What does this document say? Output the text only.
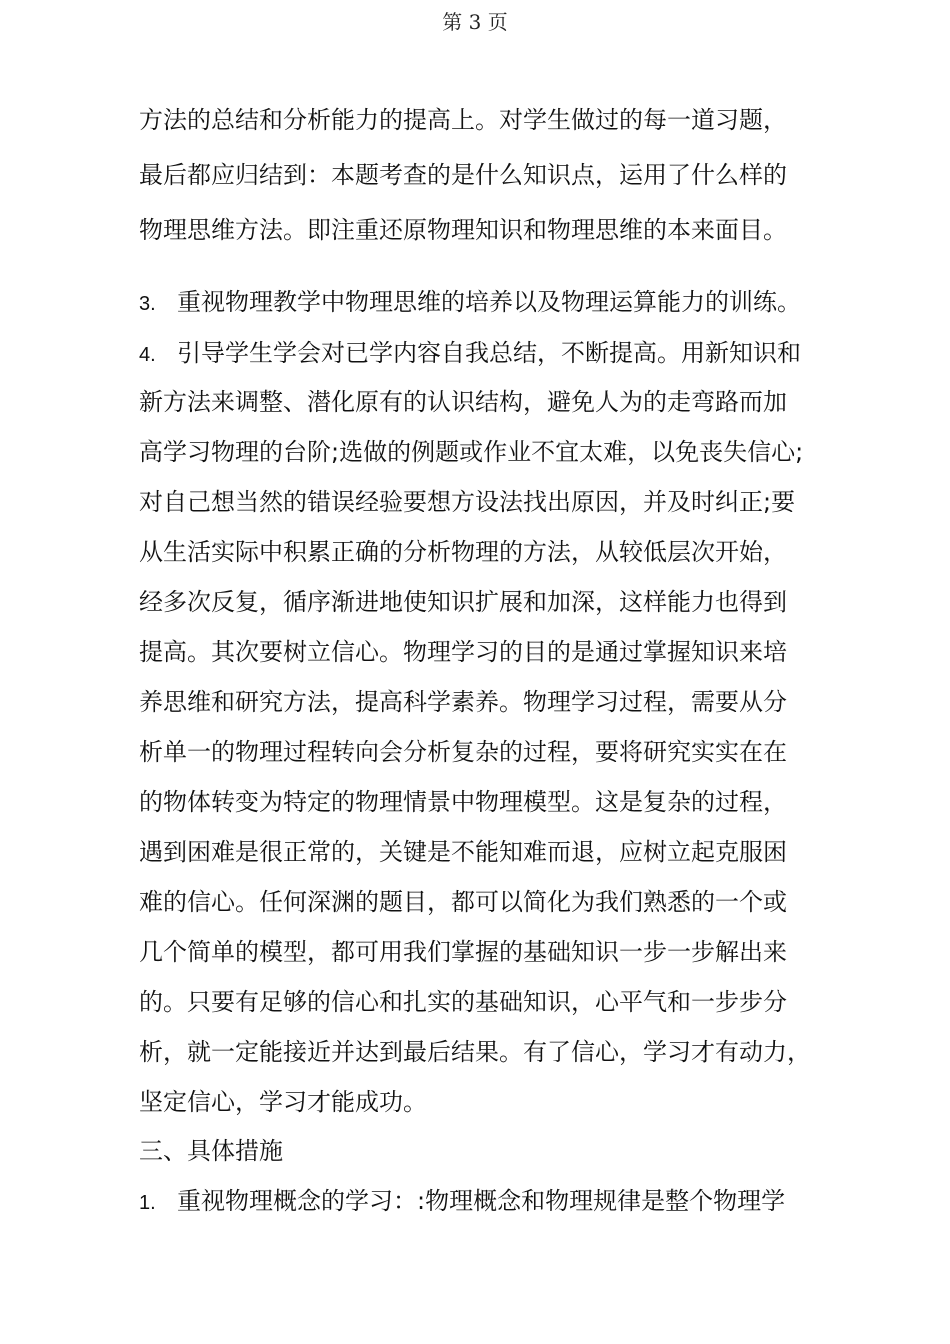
第 3 页
方法的总结和分析能力的提高上。对学生做过的每一道习题，
最后都应归结到：本题考查的是什么知识点，运用了什么样的
物理思维方法。即注重还原物理知识和物理思维的本来面目。
3. 重视物理教学中物理思维的培养以及物理运算能力的训练。
4. 引导学生学会对已学内容自我总结，不断提高。用新知识和
新方法来调整、潜化原有的认识结构，避免人为的走弯路而加
高学习物理的台阶;选做的例题或作业不宜太难，以免丧失信心;
对自己想当然的错误经验要想方设法找出原因，并及时纠正;要
从生活实际中积累正确的分析物理的方法，从较低层次开始，
经多次反复，循序渐进地使知识扩展和加深，这样能力也得到
提高。其次要树立信心。物理学习的目的是通过掌握知识来培
养思维和研究方法，提高科学素养。物理学习过程，需要从分
析单一的物理过程转向会分析复杂的过程，要将研究实实在在
的物体转变为特定的物理情景中物理模型。这是复杂的过程，
遇到困难是很正常的，关键是不能知难而退，应树立起克服困
难的信心。任何深渊的题目，都可以简化为我们熟悉的一个或
几个简单的模型，都可用我们掌握的基础知识一步一步解出来
的。只要有足够的信心和扎实的基础知识，心平气和一步步分
析，就一定能接近并达到最后结果。有了信心，学习才有动力，
坚定信心，学习才能成功。
三、具体措施
1. 重视物理概念的学习：:物理概念和物理规律是整个物理学
